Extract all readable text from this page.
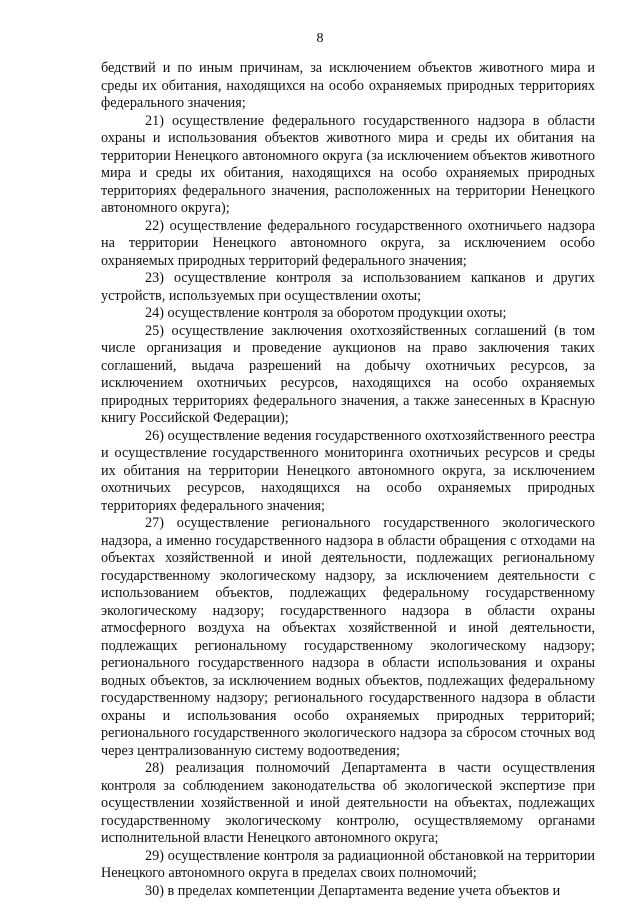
8

бедствий и по иным причинам, за исключением объектов животного мира и среды их обитания, находящихся на особо охраняемых природных территориях федерального значения;

21) осуществление федерального государственного надзора в области охраны и использования объектов животного мира и среды их обитания на территории Ненецкого автономного округа (за исключением объектов животного мира и среды их обитания, находящихся на особо охраняемых природных территориях федерального значения, расположенных на территории Ненецкого автономного округа);

22) осуществление федерального государственного охотничьего надзора на территории Ненецкого автономного округа, за исключением особо охраняемых природных территорий федерального значения;

23) осуществление контроля за использованием капканов и других устройств, используемых при осуществлении охоты;

24) осуществление контроля за оборотом продукции охоты;

25) осуществление заключения охотхозяйственных соглашений (в том числе организация и проведение аукционов на право заключения таких соглашений, выдача разрешений на добычу охотничьих ресурсов, за исключением охотничьих ресурсов, находящихся на особо охраняемых природных территориях федерального значения, а также занесенных в Красную книгу Российской Федерации);

26) осуществление ведения государственного охотхозяйственного реестра и осуществление государственного мониторинга охотничьих ресурсов и среды их обитания на территории Ненецкого автономного округа, за исключением охотничьих ресурсов, находящихся на особо охраняемых природных территориях федерального значения;

27) осуществление регионального государственного экологического надзора, а именно государственного надзора в области обращения с отходами на объектах хозяйственной и иной деятельности, подлежащих региональному государственному экологическому надзору, за исключением деятельности с использованием объектов, подлежащих федеральному государственному экологическому надзору; государственного надзора в области охраны атмосферного воздуха на объектах хозяйственной и иной деятельности, подлежащих региональному государственному экологическому надзору; регионального государственного надзора в области использования и охраны водных объектов, за исключением водных объектов, подлежащих федеральному государственному надзору; регионального государственного надзора в области охраны и использования особо охраняемых природных территорий; регионального государственного экологического надзора за сбросом сточных вод через централизованную систему водоотведения;

28) реализация полномочий Департамента в части осуществления контроля за соблюдением законодательства об экологической экспертизе при осуществлении хозяйственной и иной деятельности на объектах, подлежащих государственному экологическому контролю, осуществляемому органами исполнительной власти Ненецкого автономного округа;

29) осуществление контроля за радиационной обстановкой на территории Ненецкого автономного округа в пределах своих полномочий;

30) в пределах компетенции Департамента ведение учета объектов и
